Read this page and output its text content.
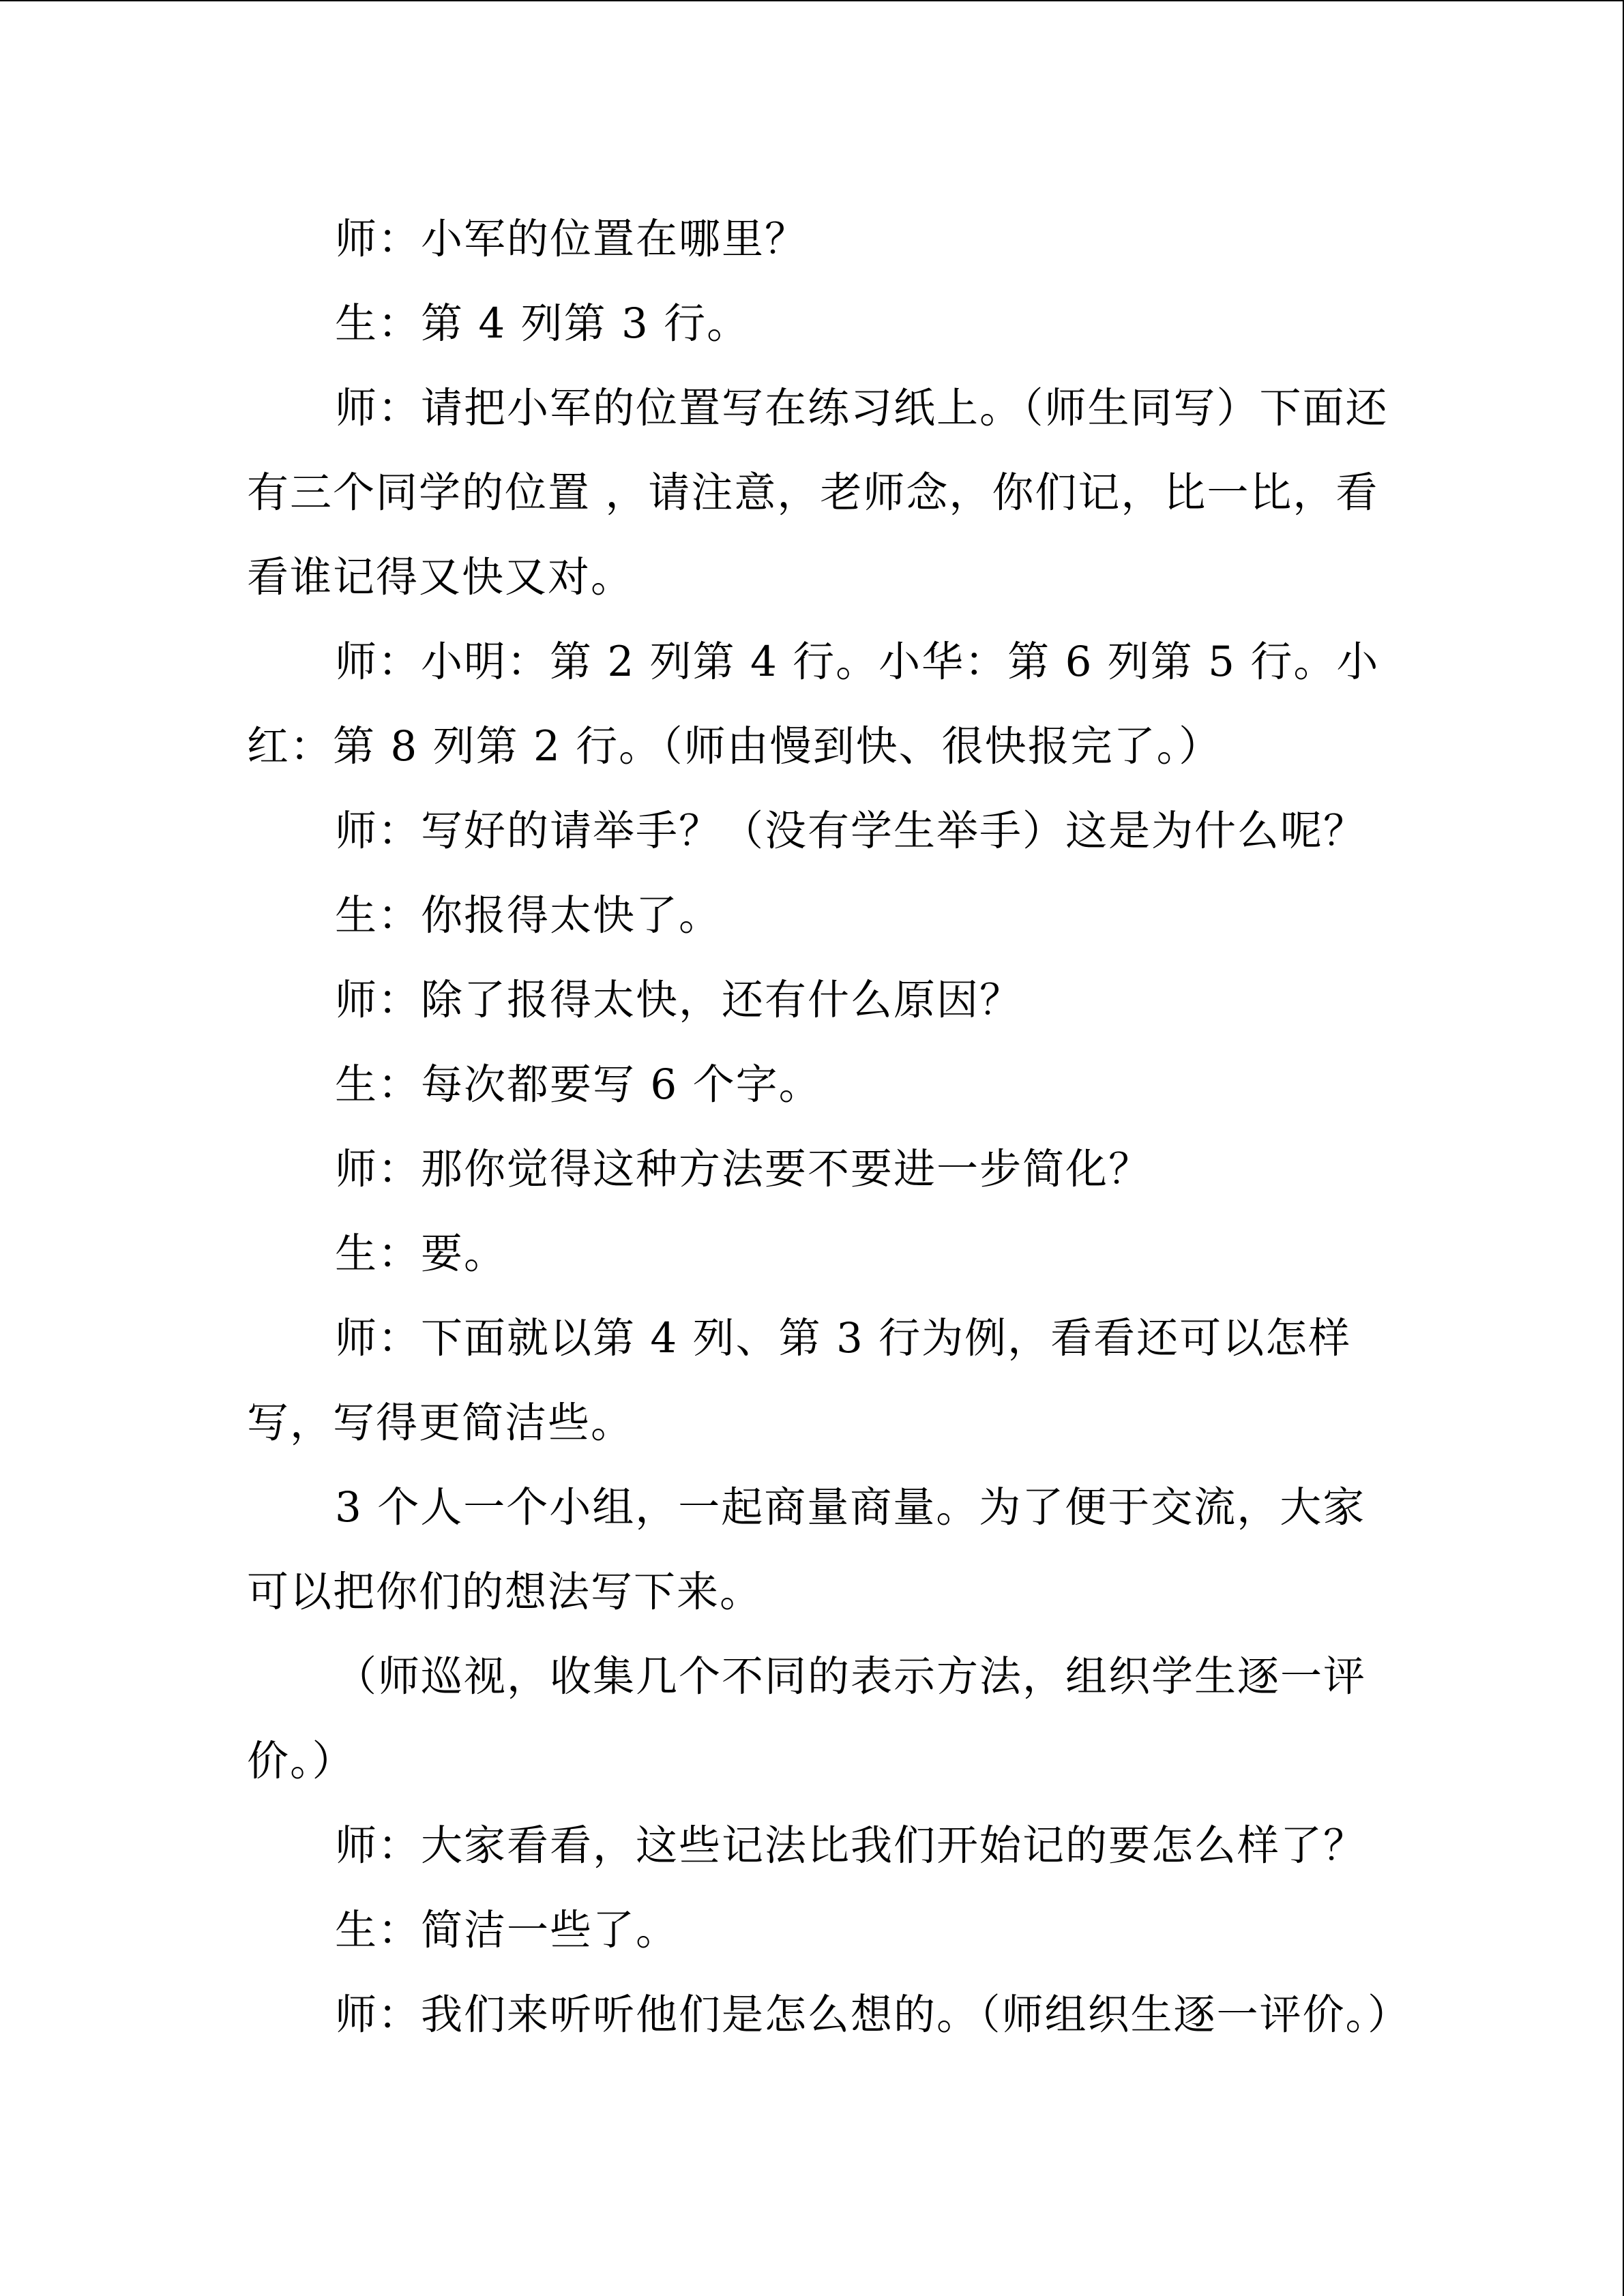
师：小军的位置在哪里？

生：第 4 列第 3 行。

师：请把小军的位置写在练习纸上。（师生同写）下面还有三个同学的位置 ，请注意，老师念，你们记，比一比，看看谁记得又快又对。

师：小明：第 2 列第 4 行。小华：第 6 列第 5 行。小红：第 8 列第 2 行。（师由慢到快、很快报完了。）

师：写好的请举手？（没有学生举手）这是为什么呢？

生：你报得太快了。

师：除了报得太快，还有什么原因？

生：每次都要写 6 个字。

师：那你觉得这种方法要不要进一步简化？

生：要。

师：下面就以第 4 列、第 3 行为例，看看还可以怎样写，写得更简洁些。

3 个人一个小组，一起商量商量。为了便于交流，大家可以把你们的想法写下来。

（师巡视，收集几个不同的表示方法，组织学生逐一评价。）

师：大家看看，这些记法比我们开始记的要怎么样了？

生：简洁一些了。

师：我们来听听他们是怎么想的。（师组织生逐一评价。）
